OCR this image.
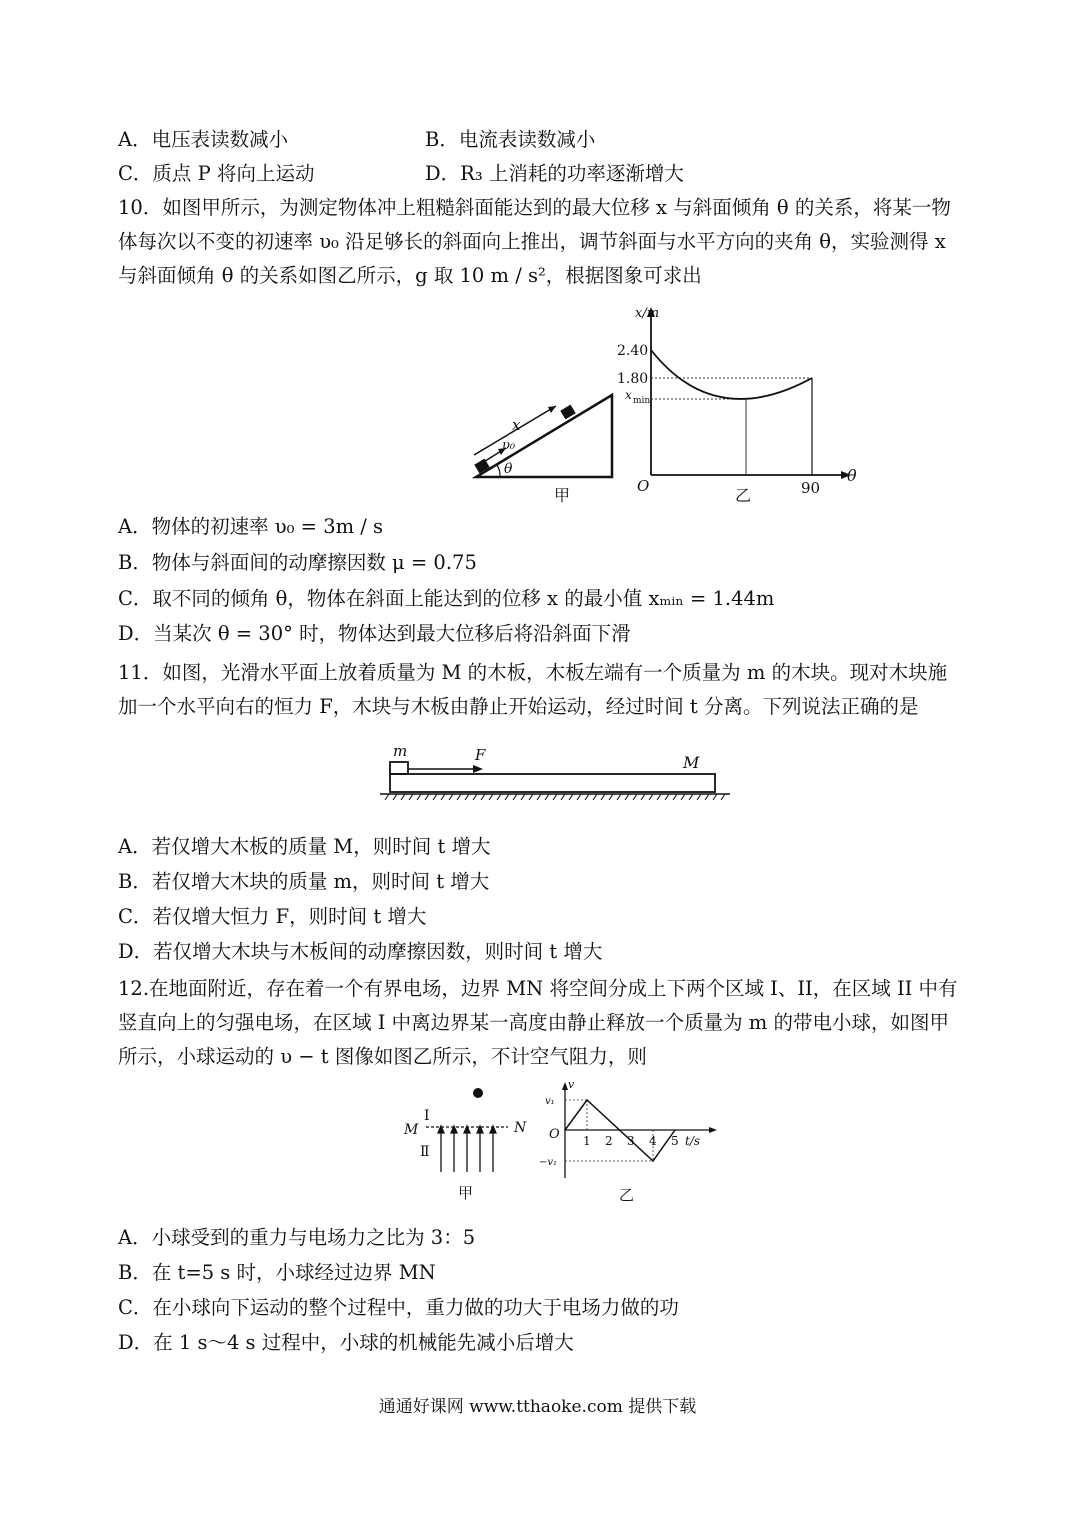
A．电压表读数减小	B．电流表读数减小
C．质点 P 将向上运动	D．R₃ 上消耗的功率逐渐增大
10．如图甲所示，为测定物体冲上粗糙斜面能达到的最大位移 x 与斜面倾角 θ 的关系，将某一物体每次以不变的初速率 υ₀ 沿足够长的斜面向上推出，调节斜面与水平方向的夹角 θ，实验测得 x 与斜面倾角 θ 的关系如图乙所示，g 取 10 m / s²，根据图象可求出
x
υ₀
θ
甲
x/m
2.40
1.80
x min
θ
O	90
乙
A．物体的初速率 υ₀ = 3m / s
B．物体与斜面间的动摩擦因数 μ = 0.75
C．取不同的倾角 θ，物体在斜面上能达到的位移 x 的最小值 xₘᵢₙ = 1.44m
D．当某次 θ = 30° 时，物体达到最大位移后将沿斜面下滑
11．如图，光滑水平面上放着质量为 M 的木板，木板左端有一个质量为 m 的木块。现对木块施加一个水平向右的恒力 F，木块与木板由静止开始运动，经过时间 t 分离。下列说法正确的是
m	F	M
A．若仅增大木板的质量 M，则时间 t 增大
B．若仅增大木块的质量 m，则时间 t 增大
C．若仅增大恒力 F，则时间 t 增大
D．若仅增大木块与木板间的动摩擦因数，则时间 t 增大
12.在地面附近，存在着一个有界电场，边界 MN 将空间分成上下两个区域 I、II，在区域 II 中有竖直向上的匀强电场，在区域 I 中离边界某一高度由静止释放一个质量为 m 的带电小球，如图甲所示，小球运动的 υ − t 图像如图乙所示，不计空气阻力，则
I
Ⅱ
M	N
甲
v
v₁
−v₁
O 1 2 3 4 5 t/s
乙
A．小球受到的重力与电场力之比为 3：5
B．在 t=5 s 时，小球经过边界 MN
C．在小球向下运动的整个过程中，重力做的功大于电场力做的功
D．在 1 s～4 s 过程中，小球的机械能先减小后增大
通通好课网 www.tthaoke.com 提供下载
